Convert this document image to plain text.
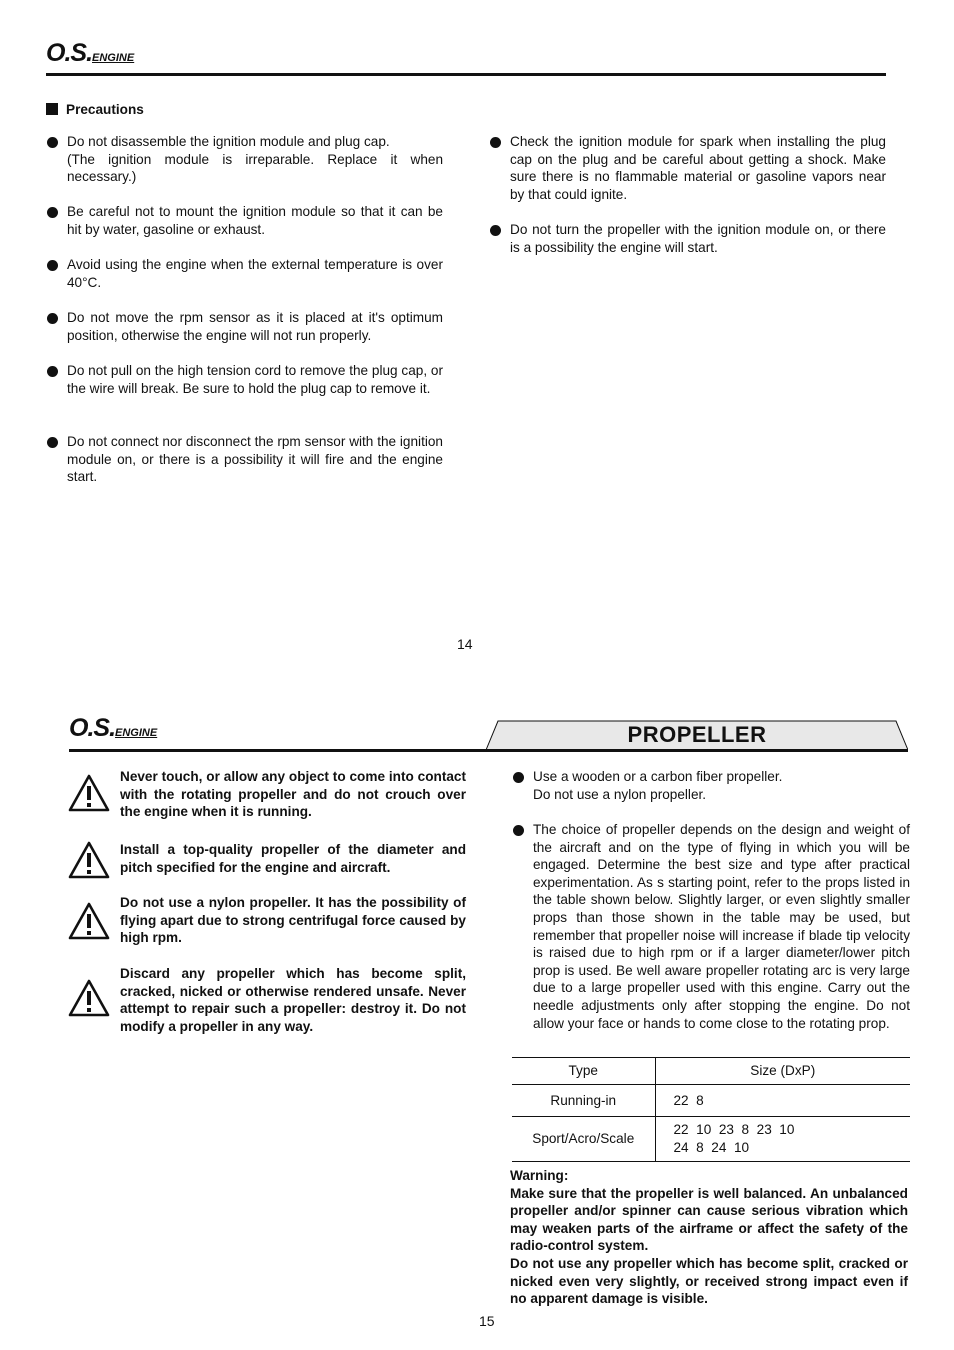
O.S.ENGINE
Precautions
Do not disassemble the ignition module and plug cap.
(The ignition module is irreparable. Replace it when necessary.)
Be careful not to mount the ignition module so that it can be hit by water, gasoline or exhaust.
Avoid using the engine when the external temperature is over 40°C.
Do not move the rpm sensor as it is placed at it's optimum position, otherwise the engine will not run properly.
Do not pull on the high tension cord to remove the plug cap, or the wire will break. Be sure to hold the plug cap to remove it.
Do not connect nor disconnect the rpm sensor with the ignition module on, or there is a possibility it will fire and the engine start.
Check the ignition module for spark when installing the plug cap on the plug and be careful about getting a shock. Make sure there is no flammable material or gasoline vapors near by that could ignite.
Do not turn the propeller with the ignition module on, or there is a possibility the engine will start.
14
O.S.ENGINE	PROPELLER
Never touch, or allow any object to come into contact with the rotating propeller and do not crouch over the engine when it is running.
Install a top-quality propeller of the diameter and pitch specified for the engine and aircraft.
Do not use a nylon propeller. It has the possibility of flying apart due to strong centrifugal force caused by high rpm.
Discard any propeller which has become split, cracked, nicked or otherwise rendered unsafe. Never attempt to repair such a propeller: destroy it. Do not modify a propeller in any way.
Use a wooden or a carbon fiber propeller.
Do not use a nylon propeller.
The choice of propeller depends on the design and weight of the aircraft and on the type of flying in which you will be engaged. Determine the best size and type after practical experimentation. As s starting point, refer to the props listed in the table shown below. Slightly larger, or even slightly smaller props than those shown in the table may be used, but remember that propeller noise will increase if blade tip velocity is raised due to high rpm or if a larger diameter/lower pitch prop is used. Be well aware propeller rotating arc is very large due to a large propeller used with this engine. Carry out the needle adjustments only after stopping the engine. Do not allow your face or hands to come close to the rotating prop.
Type	Size (DxP)
Running-in	22  8

Sport/Acro/Scale	22  10  23  8  23  10
24  8  24  10

Warning:

Make sure that the propeller is well balanced. An unbalanced propeller and/or spinner can cause serious vibration which may weaken parts of the airframe or affect the safety of the radio-control system.

Do not use any propeller which has become split, cracked or nicked even very slightly, or received strong impact even if no apparent damage is visible.

15
